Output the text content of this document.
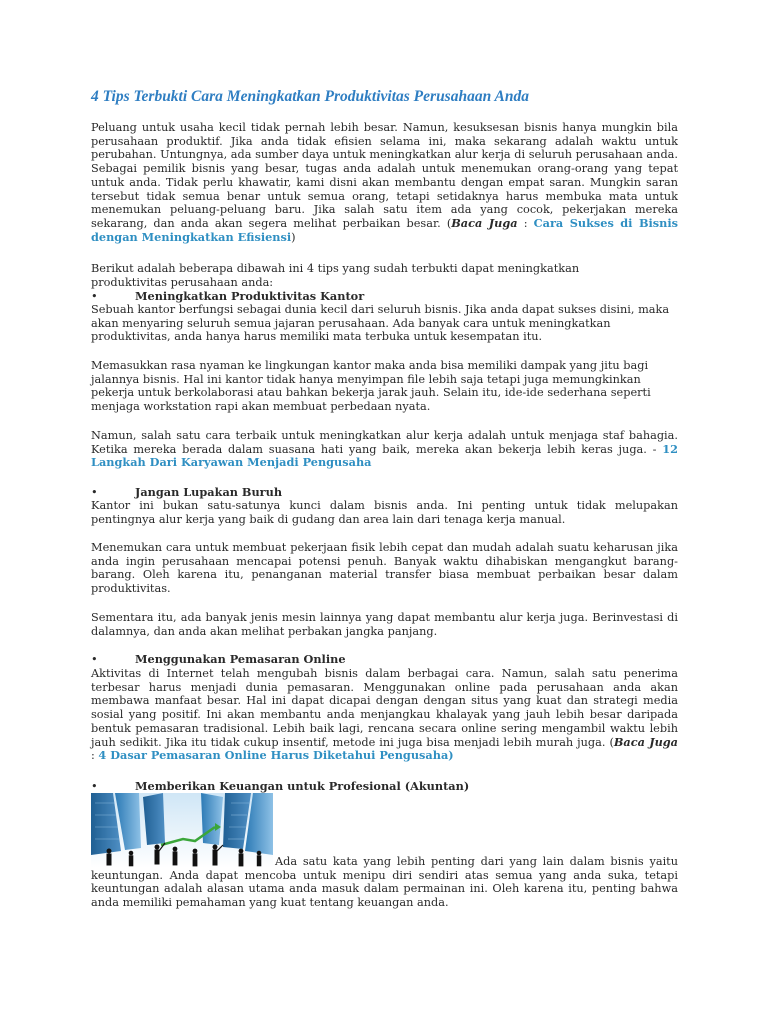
4 Tips Terbukti Cara Meningkatkan Produktivitas Perusahaan Anda

Peluang untuk usaha kecil tidak pernah lebih besar. Namun, kesuksesan bisnis hanya mungkin bila perusahaan produktif. Jika anda tidak efisien selama ini, maka sekarang adalah waktu untuk perubahan. Untungnya, ada sumber daya untuk meningkatkan alur kerja di seluruh perusahaan anda. Sebagai pemilik bisnis yang besar, tugas anda adalah untuk menemukan orang-orang yang tepat untuk anda. Tidak perlu khawatir, kami disni akan membantu dengan empat saran. Mungkin saran tersebut tidak semua benar untuk semua orang, tetapi setidaknya harus membuka mata untuk menemukan peluang-peluang baru. Jika salah satu item ada yang cocok, pekerjakan mereka sekarang, dan anda akan segera melihat perbaikan besar. (Baca Juga : Cara Sukses di Bisnis dengan Meningkatkan Efisiensi)

Berikut adalah beberapa dibawah ini 4 tips yang sudah terbukti dapat meningkatkan produktivitas perusahaan anda:

•	Meningkatkan Produktivitas Kantor

Sebuah kantor berfungsi sebagai dunia kecil dari seluruh bisnis. Jika anda dapat sukses disini, maka akan menyaring seluruh semua jajaran perusahaan. Ada banyak cara untuk meningkatkan produktivitas, anda hanya harus memiliki mata terbuka untuk kesempatan itu.

Memasukkan rasa nyaman ke lingkungan kantor maka anda bisa memiliki dampak yang jitu bagi jalannya bisnis. Hal ini kantor tidak hanya menyimpan file lebih saja tetapi juga memungkinkan pekerja untuk berkolaborasi atau bahkan bekerja jarak jauh. Selain itu, ide-ide sederhana seperti menjaga workstation rapi akan membuat perbedaan nyata.

Namun, salah satu cara terbaik untuk meningkatkan alur kerja adalah untuk menjaga staf bahagia. Ketika mereka berada dalam suasana hati yang baik, mereka akan bekerja lebih keras juga. - 12 Langkah Dari Karyawan Menjadi Pengusaha

•	Jangan Lupakan Buruh

Kantor ini bukan satu-satunya kunci dalam bisnis anda. Ini penting untuk tidak melupakan pentingnya alur kerja yang baik di gudang dan area lain dari tenaga kerja manual.

Menemukan cara untuk membuat pekerjaan fisik lebih cepat dan mudah adalah suatu keharusan jika anda ingin perusahaan mencapai potensi penuh. Banyak waktu dihabiskan mengangkut barang-barang. Oleh karena itu, penanganan material transfer biasa membuat perbaikan besar dalam produktivitas.

Sementara itu, ada banyak jenis mesin lainnya yang dapat membantu alur kerja juga. Berinvestasi di dalamnya, dan anda akan melihat perbakan jangka panjang.

•	Menggunakan Pemasaran Online

Aktivitas di Internet telah mengubah bisnis dalam berbagai cara. Namun, salah satu penerima terbesar harus menjadi dunia pemasaran. Menggunakan online pada perusahaan anda akan membawa manfaat besar. Hal ini dapat dicapai dengan dengan situs yang kuat dan strategi media sosial yang positif. Ini akan membantu anda menjangkau khalayak yang jauh lebih besar daripada bentuk pemasaran tradisional. Lebih baik lagi, rencana secara online sering mengambil waktu lebih jauh sedikit. Jika itu tidak cukup insentif, metode ini juga bisa menjadi lebih murah juga. (Baca Juga : 4 Dasar Pemasaran Online Harus Diketahui Pengusaha)

•	Memberikan Keuangan untuk Profesional (Akuntan)

Ada satu kata yang lebih penting dari yang lain dalam bisnis yaitu keuntungan. Anda dapat mencoba untuk menipu diri sendiri atas semua yang anda suka, tetapi keuntungan adalah alasan utama anda masuk dalam permainan ini. Oleh karena itu, penting bahwa anda memiliki pemahaman yang kuat tentang keuangan anda.
